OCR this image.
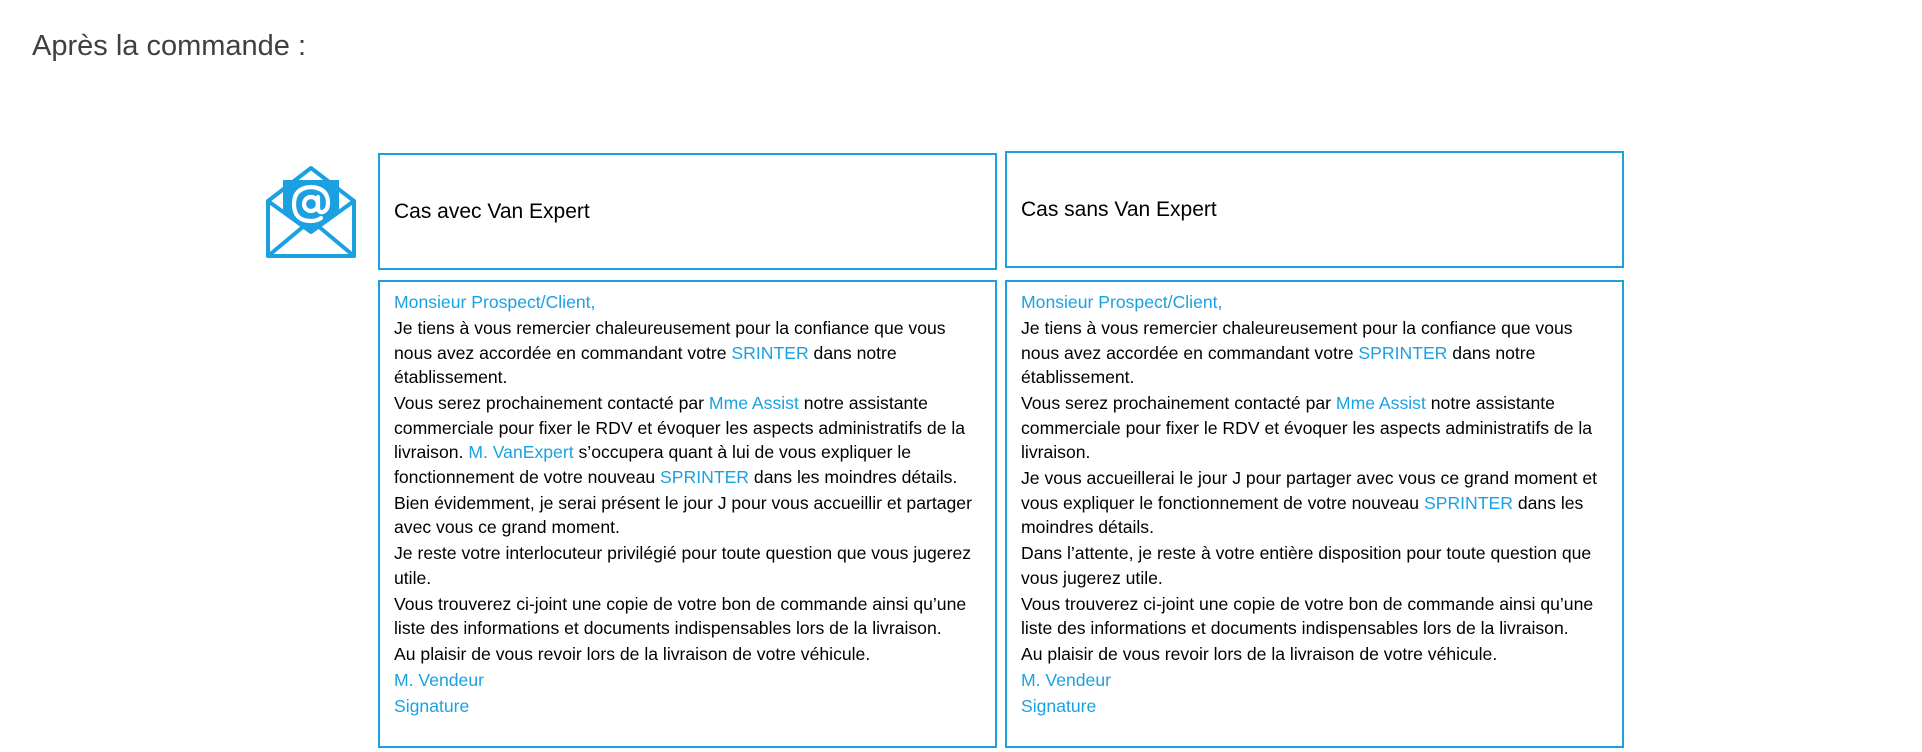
Après la commande :
Cas avec Van Expert	Cas sans Van Expert

Monsieur Prospect/Client,

Je tiens à vous remercier chaleureusement pour la confiance que vous nous avez accordée en commandant votre SRINTER dans notre établissement.

Vous serez prochainement contacté par Mme Assist notre assistante commerciale pour fixer le RDV et évoquer les aspects administratifs de la livraison. M. VanExpert s’occupera quant à lui de vous expliquer le fonctionnement de votre nouveau SPRINTER dans les moindres détails.

Bien évidemment, je serai présent le jour J pour vous accueillir et partager avec vous ce grand moment.

Je reste votre interlocuteur privilégié pour toute question que vous jugerez utile.

Vous trouverez ci-joint une copie de votre bon de commande ainsi qu’une liste des informations et documents indispensables lors de la livraison.

Au plaisir de vous revoir lors de la livraison de votre véhicule.

M. Vendeur

Signature

Monsieur Prospect/Client,

Je tiens à vous remercier chaleureusement pour la confiance que vous nous avez accordée en commandant votre SPRINTER dans notre établissement.

Vous serez prochainement contacté par Mme Assist notre assistante commerciale pour fixer le RDV et évoquer les aspects administratifs de la livraison.

Je vous accueillerai le jour J pour partager avec vous ce grand moment et vous expliquer le fonctionnement de votre nouveau SPRINTER dans les moindres détails.

Dans l’attente, je reste à votre entière disposition pour toute question que vous jugerez utile.

Vous trouverez ci-joint une copie de votre bon de commande ainsi qu’une liste des informations et documents indispensables lors de la livraison.

Au plaisir de vous revoir lors de la livraison de votre véhicule.

M. Vendeur

Signature
